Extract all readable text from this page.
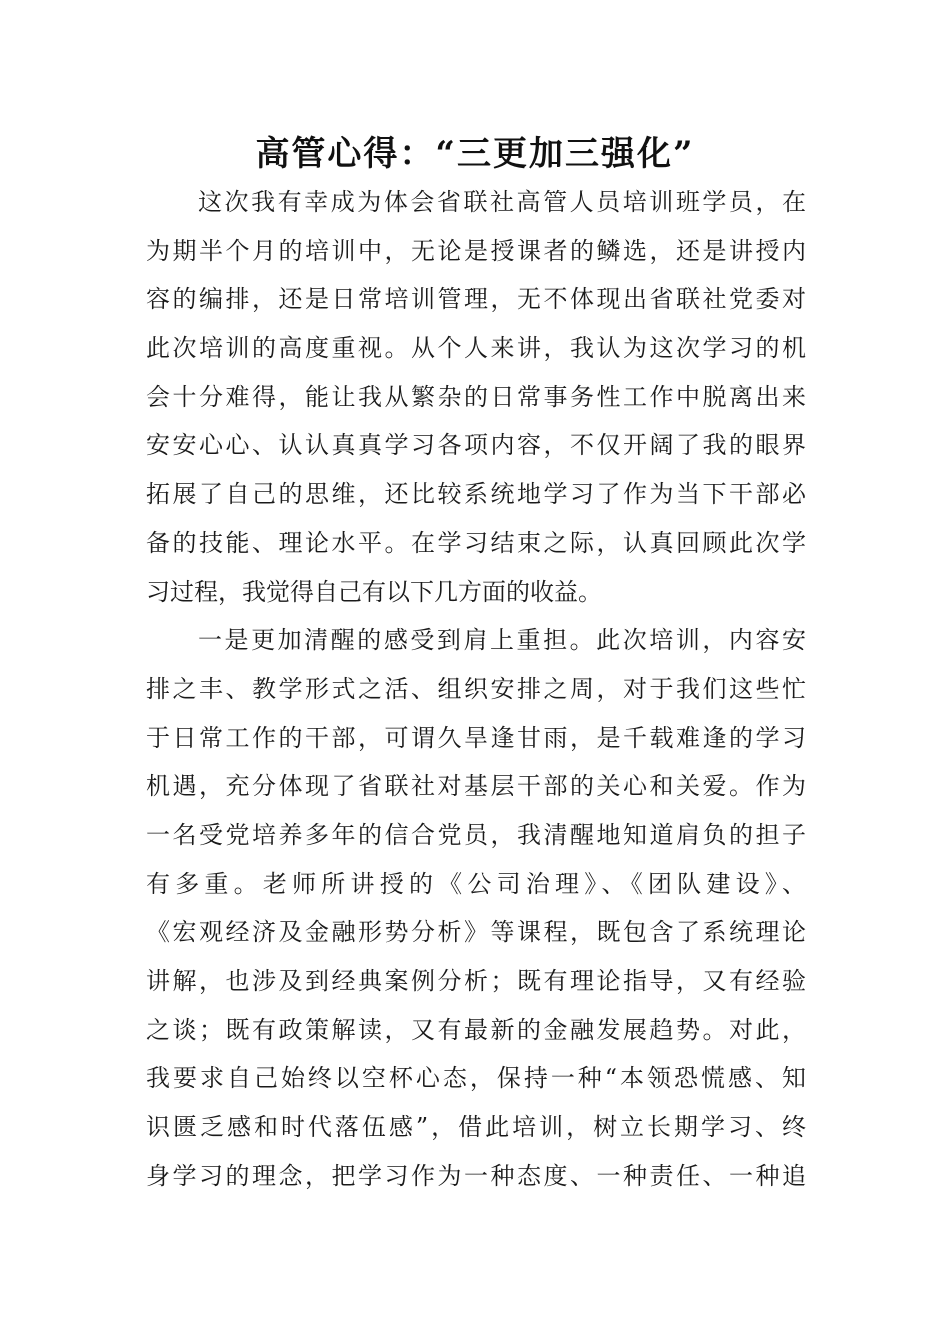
高管心得：“三更加三强化”
这次我有幸成为体会省联社高管人员培训班学员，在
为期半个月的培训中，无论是授课者的鳞选，还是讲授内
容的编排，还是日常培训管理，无不体现出省联社党委对
此次培训的高度重视。从个人来讲，我认为这次学习的机
会十分难得，能让我从繁杂的日常事务性工作中脱离出来
安安心心、认认真真学习各项内容，不仅开阔了我的眼界
拓展了自己的思维，还比较系统地学习了作为当下干部必
备的技能、理论水平。在学习结束之际，认真回顾此次学
习过程，我觉得自己有以下几方面的收益。
一是更加清醒的感受到肩上重担。此次培训，内容安
排之丰、教学形式之活、组织安排之周，对于我们这些忙
于日常工作的干部，可谓久旱逢甘雨，是千载难逢的学习
机遇，充分体现了省联社对基层干部的关心和关爱。作为
一名受党培养多年的信合党员，我清醒地知道肩负的担子
有多重。老师所讲授的《公司治理》、《团队建设》、
《宏观经济及金融形势分析》等课程，既包含了系统理论
讲解，也涉及到经典案例分析；既有理论指导，又有经验
之谈；既有政策解读，又有最新的金融发展趋势。对此，
我要求自己始终以空杯心态，保持一种“本领恐慌感、知
识匮乏感和时代落伍感”，借此培训，树立长期学习、终
身学习的理念，把学习作为一种态度、一种责任、一种追
